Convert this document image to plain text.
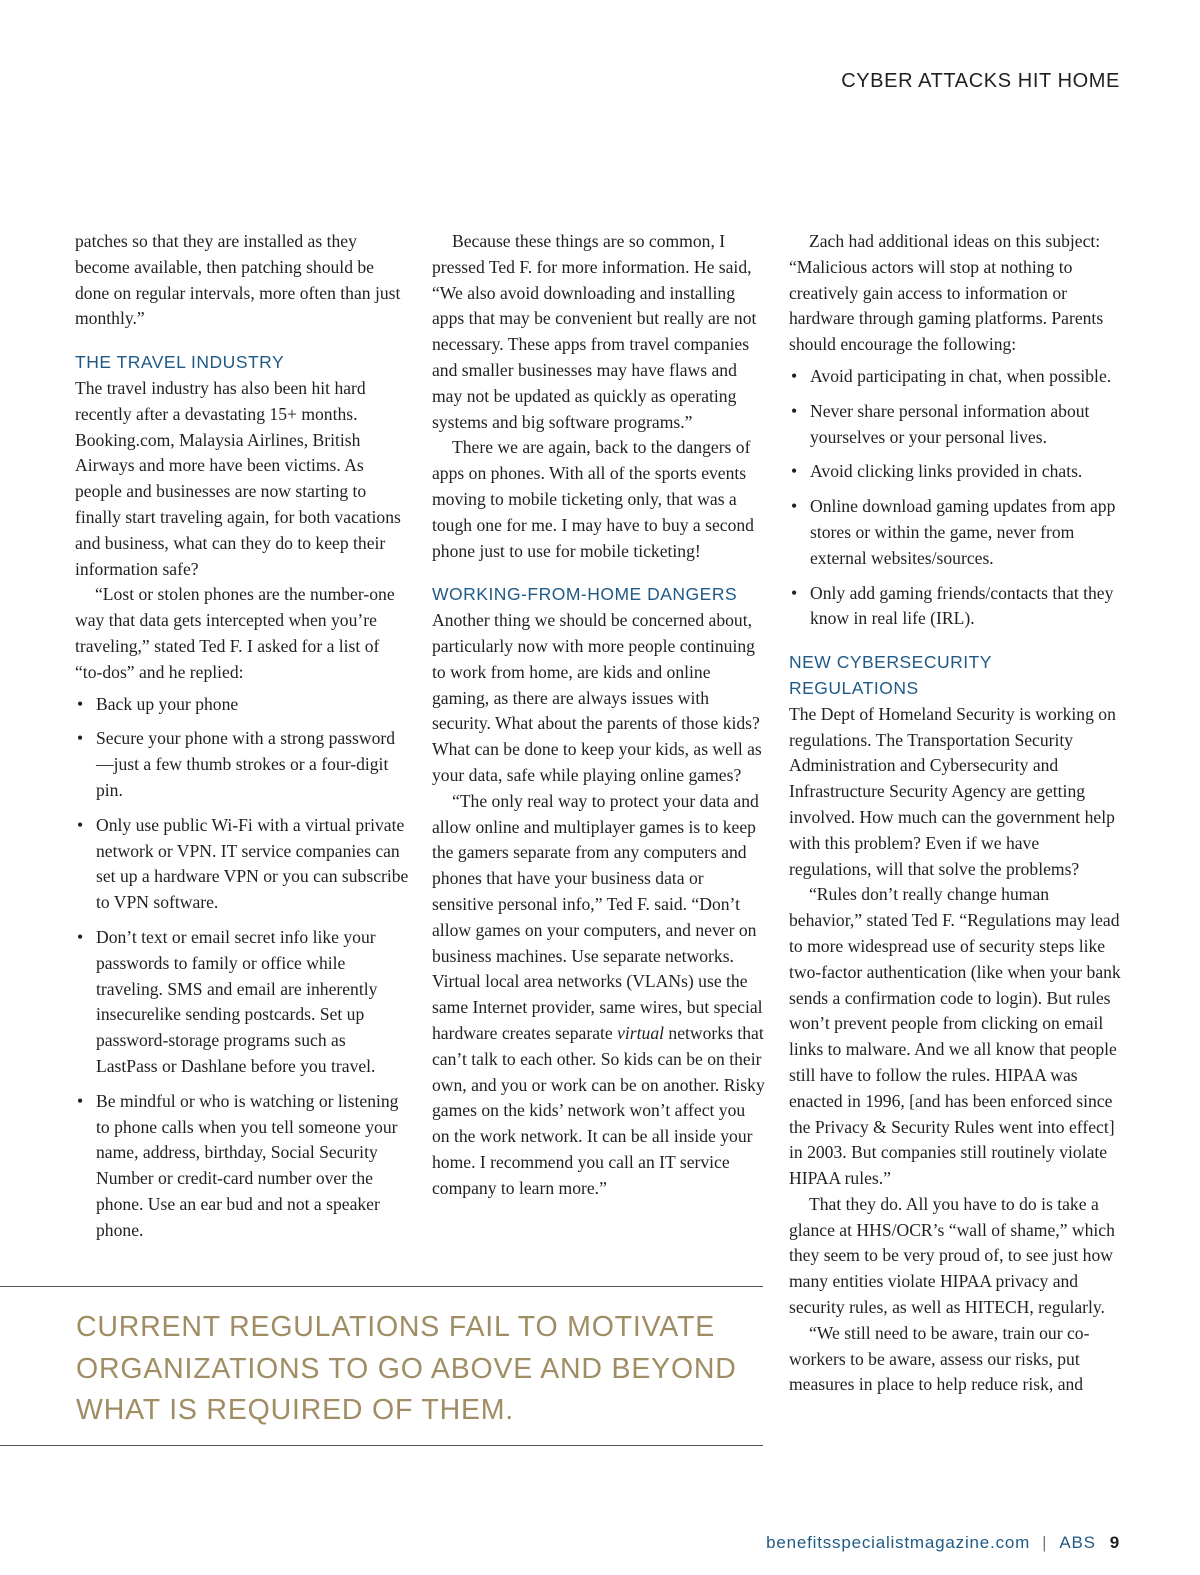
CYBER ATTACKS HIT HOME

patches so that they are installed as they become available, then patching should be done on regular intervals, more often than just monthly.”

THE TRAVEL INDUSTRY

The travel industry has also been hit hard recently after a devastating 15+ months. Booking.com, Malaysia Airlines, British Airways and more have been victims. As people and businesses are now starting to finally start traveling again, for both vacations and business, what can they do to keep their information safe?

“Lost or stolen phones are the number-one way that data gets intercepted when you’re traveling,” stated Ted F. I asked for a list of “to-dos” and he replied:

• Back up your phone
• Secure your phone with a strong password—just a few thumb strokes or a four-digit pin.
• Only use public Wi-Fi with a virtual private network or VPN. IT service companies can set up a hardware VPN or you can subscribe to VPN software.
• Don’t text or email secret info like your passwords to family or office while traveling. SMS and email are inherently insecurelike sending postcards. Set up password-storage programs such as LastPass or Dashlane before you travel.
• Be mindful or who is watching or listening to phone calls when you tell someone your name, address, birthday, Social Security Number or credit-card number over the phone. Use an ear bud and not a speaker phone.

Because these things are so common, I pressed Ted F. for more information. He said, “We also avoid downloading and installing apps that may be convenient but really are not necessary. These apps from travel companies and smaller businesses may have flaws and may not be updated as quickly as operating systems and big software programs.”

There we are again, back to the dangers of apps on phones. With all of the sports events moving to mobile ticketing only, that was a tough one for me. I may have to buy a second phone just to use for mobile ticketing!

WORKING-FROM-HOME DANGERS

Another thing we should be concerned about, particularly now with more people continuing to work from home, are kids and online gaming, as there are always issues with security. What about the parents of those kids? What can be done to keep your kids, as well as your data, safe while playing online games?

“The only real way to protect your data and allow online and multiplayer games is to keep the gamers separate from any computers and phones that have your business data or sensitive personal info,” Ted F. said. “Don’t allow games on your computers, and never on business machines. Use separate networks. Virtual local area networks (VLANs) use the same Internet provider, same wires, but special hardware creates separate virtual networks that can’t talk to each other. So kids can be on their own, and you or work can be on another. Risky games on the kids’ network won’t affect you on the work network. It can be all inside your home. I recommend you call an IT service company to learn more.”

Zach had additional ideas on this subject: “Malicious actors will stop at nothing to creatively gain access to information or hardware through gaming platforms. Parents should encourage the following:

• Avoid participating in chat, when possible.
• Never share personal information about yourselves or your personal lives.
• Avoid clicking links provided in chats.
• Online download gaming updates from app stores or within the game, never from external websites/sources.
• Only add gaming friends/contacts that they know in real life (IRL).
NEW CYBERSECURITY REGULATIONS

The Dept of Homeland Security is working on regulations. The Transportation Security Administration and Cybersecurity and Infrastructure Security Agency are getting involved. How much can the government help with this problem? Even if we have regulations, will that solve the problems?

“Rules don’t really change human behavior,” stated Ted F. “Regulations may lead to more widespread use of security steps like two-factor authentication (like when your bank sends a confirmation code to login). But rules won’t prevent people from clicking on email links to malware. And we all know that people still have to follow the rules. HIPAA was enacted in 1996, [and has been enforced since the Privacy & Security Rules went into effect] in 2003. But companies still routinely violate HIPAA rules.”

That they do. All you have to do is take a glance at HHS/OCR’s “wall of shame,” which they seem to be very proud of, to see just how many entities violate HIPAA privacy and security rules, as well as HITECH, regularly.

“We still need to be aware, train our co-workers to be aware, assess our risks, put measures in place to help reduce risk, and

CURRENT REGULATIONS FAIL TO MOTIVATE ORGANIZATIONS TO GO ABOVE AND BEYOND WHAT IS REQUIRED OF THEM.
benefitsspecialistmagazine.com | ABS 9
